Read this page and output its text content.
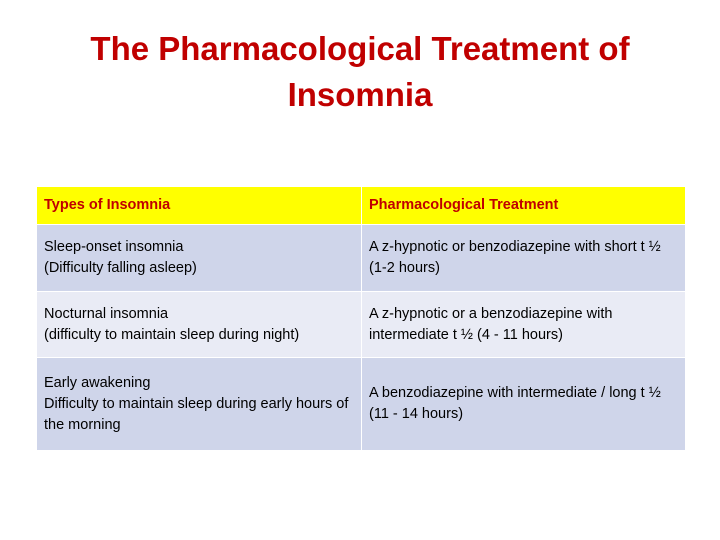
The Pharmacological Treatment of Insomnia
Types of Insomnia	Pharmacological Treatment

Sleep-onset insomnia
(Difficulty falling asleep)	A z-hypnotic or benzodiazepine with short t ½ (1-2 hours)

Nocturnal insomnia
(difficulty to maintain sleep during night)	A z-hypnotic or a benzodiazepine with intermediate t ½ (4 - 11 hours)

Early awakening
Difficulty to maintain sleep during early hours of the morning	A benzodiazepine with intermediate / long t ½ (11 - 14 hours)
